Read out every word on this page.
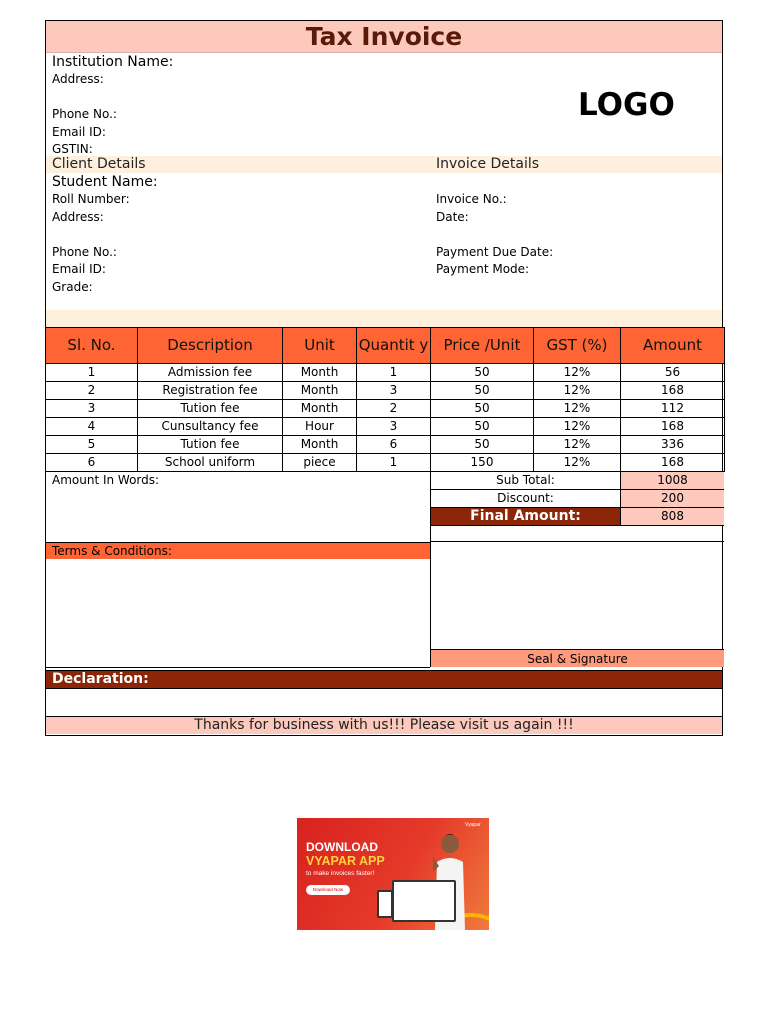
Tax Invoice
Institution Name:
Address:
Phone No.:
Email ID:
GSTIN:
LOGO
Client Details	Invoice Details
Student Name:
Roll Number:
Address:
Phone No.:
Email ID:
Grade:
Invoice No.:
Date:
Payment Due Date:
Payment Mode:
Sl. No.	Description	Unit	Quantit y	Price /Unit	GST (%)	Amount
1	Admission fee	Month	1	50	12%	56
2	Registration fee	Month	3	50	12%	168
3	Tution fee	Month	2	50	12%	112
4	Cunsultancy fee	Hour	3	50	12%	168
5	Tution fee	Month	6	50	12%	336
6	School uniform	piece	1	150	12%	168
Amount In Words:	Sub Total:	1008
Discount:	200
Final Amount:	808
Terms & Conditions:
Seal & Signature
Declaration:
Thanks for business with us!!! Please visit us again !!!
Vyapar
DOWNLOAD
VYAPAR APP
to make invoices faster!
Download Now
